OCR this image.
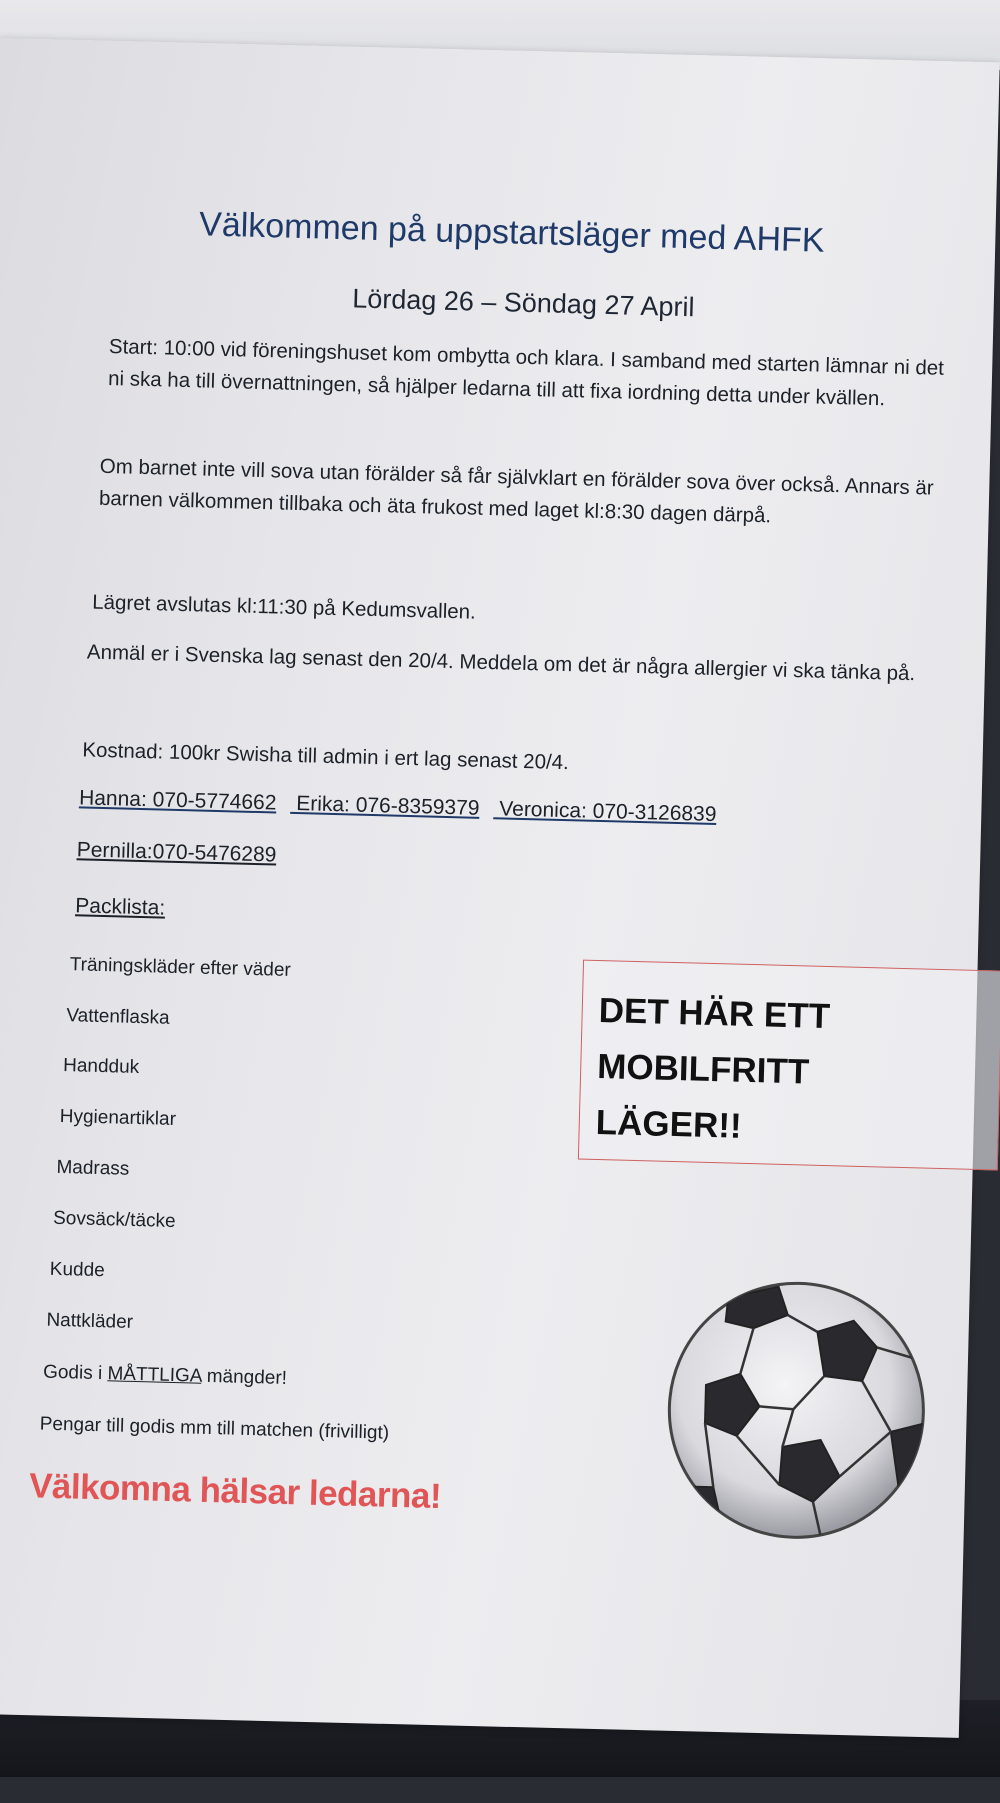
Välkommen på uppstartsläger med AHFK
Lördag 26 – Söndag 27 April
Start: 10:00 vid föreningshuset kom ombytta och klara. I samband med starten lämnar ni det ni ska ha till övernattningen, så hjälper ledarna till att fixa iordning detta under kvällen.
Om barnet inte vill sova utan förälder så får självklart en förälder sova över också. Annars är barnen välkommen tillbaka och äta frukost med laget kl:8:30 dagen därpå.
Lägret avslutas kl:11:30 på Kedumsvallen.
Anmäl er i Svenska lag senast den 20/4. Meddela om det är några allergier vi ska tänka på.
Kostnad: 100kr Swisha till admin i ert lag senast 20/4.
Hanna: 070-5774662 Erika: 076-8359379 Veronica: 070-3126839
Pernilla:070-5476289
Packlista:
Träningskläder efter väder
Vattenflaska
Handduk
Hygienartiklar
Madrass
Sovsäck/täcke
Kudde
Nattkläder
Godis i MÅTTLIGA mängder!
Pengar till godis mm till matchen (frivilligt)
Välkomna hälsar ledarna!
DET HÄR ETT MOBILFRITT LÄGER!!
